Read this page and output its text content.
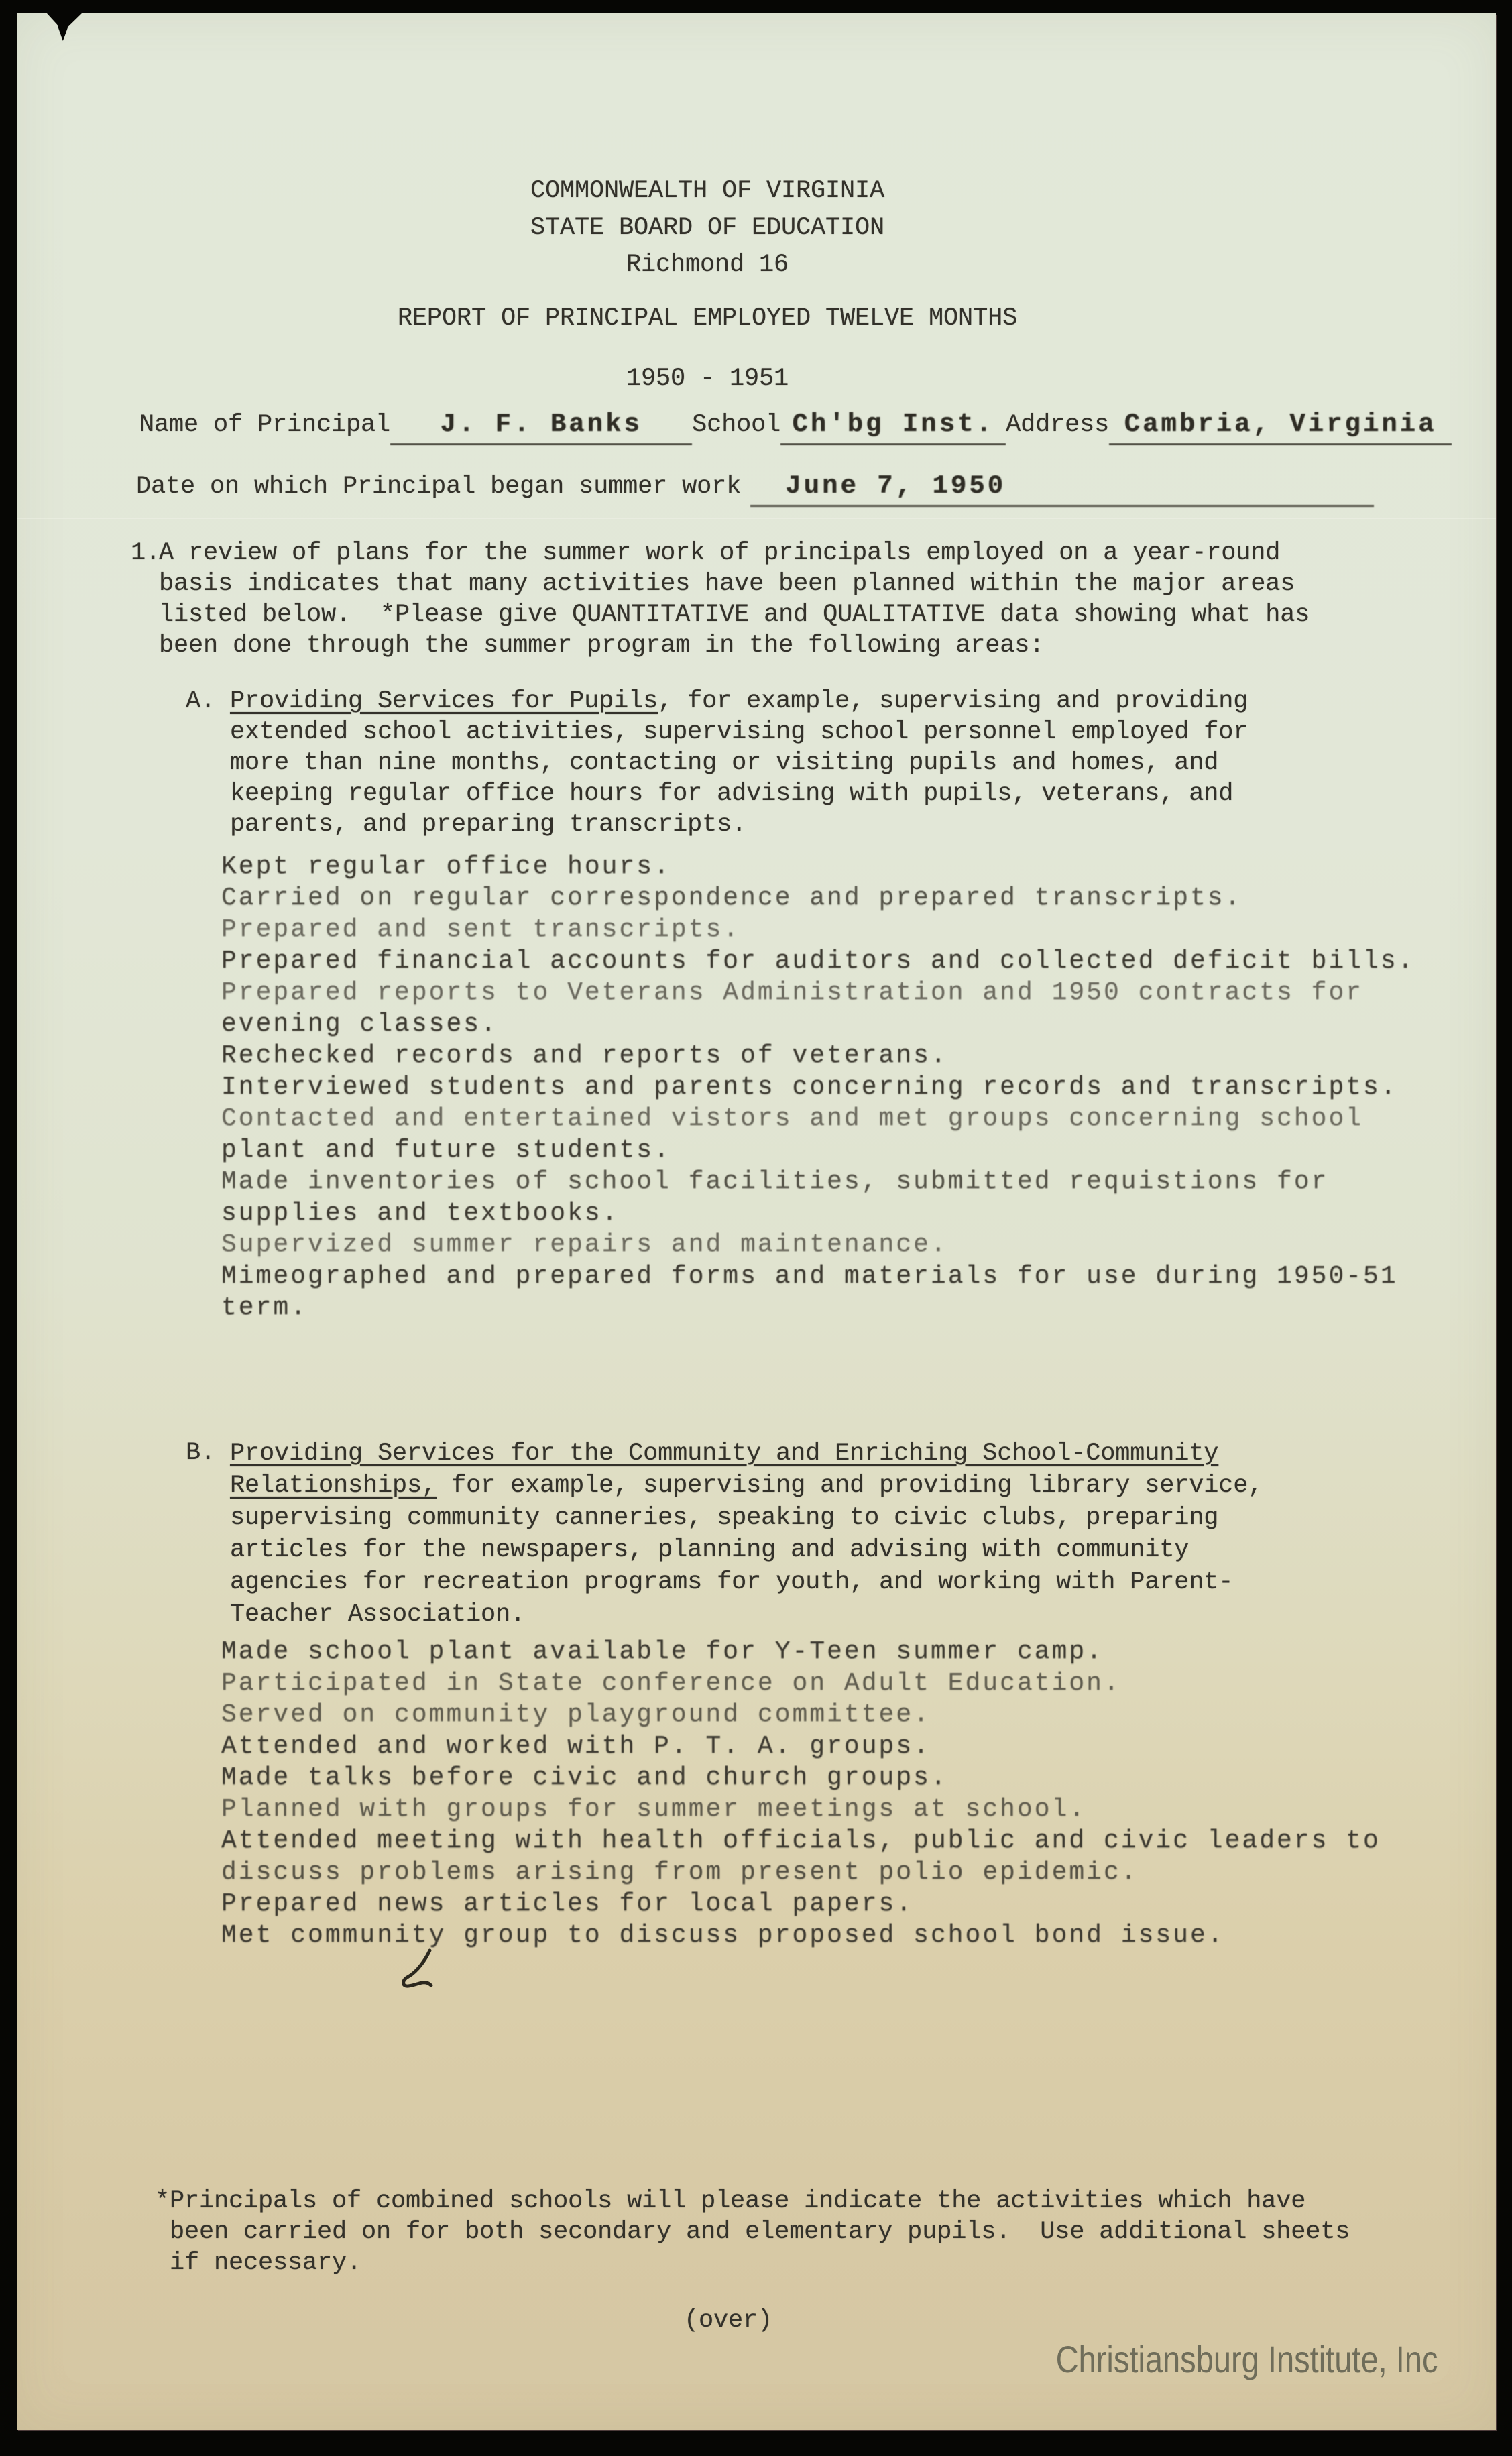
COMMONWEALTH OF VIRGINIA
STATE BOARD OF EDUCATION
Richmond 16
REPORT OF PRINCIPAL EMPLOYED TWELVE MONTHS
1950 - 1951
Name of Principal	J. F. Banks	School Ch'bg Inst. Address Cambria, Virginia
Date on which Principal began summer work	June 7, 1950
1.
A review of plans for the summer work of principals employed on a year-round
basis indicates that many activities have been planned within the major areas
listed below.  *Please give QUANTITATIVE and QUALITATIVE data showing what has
been done through the summer program in the following areas:
A. Providing Services for Pupils, for example, supervising and providing
extended school activities, supervising school personnel employed for
more than nine months, contacting or visiting pupils and homes, and
keeping regular office hours for advising with pupils, veterans, and
parents, and preparing transcripts.
Kept regular office hours.
Carried on regular correspondence and prepared transcripts.
Prepared and sent transcripts.
Prepared financial accounts for auditors and collected deficit bills.
Prepared reports to Veterans Administration and 1950 contracts for
evening classes.
Rechecked records and reports of veterans.
Interviewed students and parents concerning records and transcripts.
Contacted and entertained vistors and met groups concerning school
plant and future students.
Made inventories of school facilities, submitted requistions for
supplies and textbooks.
Supervized summer repairs and maintenance.
Mimeographed and prepared forms and materials for use during 1950-51
term.
B. Providing Services for the Community and Enriching School-Community
Relationships, for example, supervising and providing library service,
supervising community canneries, speaking to civic clubs, preparing
articles for the newspapers, planning and advising with community
agencies for recreation programs for youth, and working with Parent-
Teacher Association.
Made school plant available for Y-Teen summer camp.
Participated in State conference on Adult Education.
Served on community playground committee.
Attended and worked with P. T. A. groups.
Made talks before civic and church groups.
Planned with groups for summer meetings at school.
Attended meeting with health officials, public and civic leaders to
discuss problems arising from present polio epidemic.
Prepared news articles for local papers.
Met community group to discuss proposed school bond issue.
*Principals of combined schools will please indicate the activities which have
been carried on for both secondary and elementary pupils.  Use additional sheets
if necessary.
(over)
Christiansburg Institute, Inc
